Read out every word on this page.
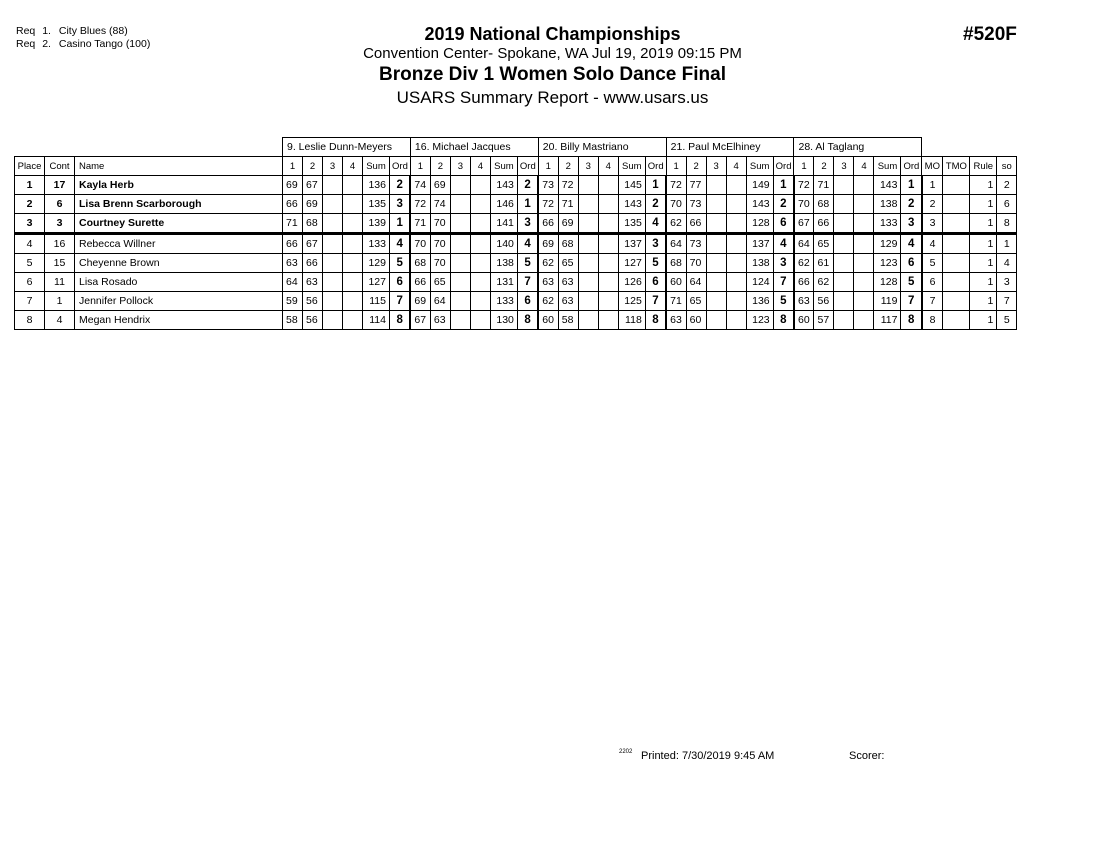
Req 1. City Blues (88)
Req 2. Casino Tango (100)	2019 National Championships
Convention Center- Spokane, WA Jul 19, 2019 09:15 PM
Bronze Div 1 Women Solo Dance Final
USARS Summary Report - www.usars.us
#520F
			9. Leslie Dunn-Meyers						16. Michael Jacques						20. Billy Mastriano						21. Paul McElhiney						28. Al Taglang									
Place	Cont	Name	1	2	3	4	Sum	Ord	1	2	3	4	Sum	Ord	1	2	3	4	Sum	Ord	1	2	3	4	Sum	Ord	1	2	3	4	Sum	Ord	MO	TMO	Rule	so
1	17	Kayla Herb	69	67			136	2	74	69			143	2	73	72			145	1	72	77			149	1	72	71			143	1	1		1	2
2	6	Lisa Brenn Scarborough	66	69			135	3	72	74			146	1	72	71			143	2	70	73			143	2	70	68			138	2	2		1	6
3	3	Courtney Surette	71	68			139	1	71	70			141	3	66	69			135	4	62	66			128	6	67	66			133	3	3		1	8
4	16	Rebecca Willner	66	67			133	4	70	70			140	4	69	68			137	3	64	73			137	4	64	65			129	4	4		1	1
5	15	Cheyenne Brown	63	66			129	5	68	70			138	5	62	65			127	5	68	70			138	3	62	61			123	6	5		1	4
6	11	Lisa Rosado	64	63			127	6	66	65			131	7	63	63			126	6	60	64			124	7	66	62			128	5	6		1	3
7	1	Jennifer Pollock	59	56			115	7	69	64			133	6	62	63			125	7	71	65			136	5	63	56			119	7	7		1	7
8	4	Megan Hendrix	58	56			114	8	67	63			130	8	60	58			118	8	63	60			123	8	60	57			117	8	8		1	5
2202 Printed: 7/30/2019 9:45 AM	Scorer:
